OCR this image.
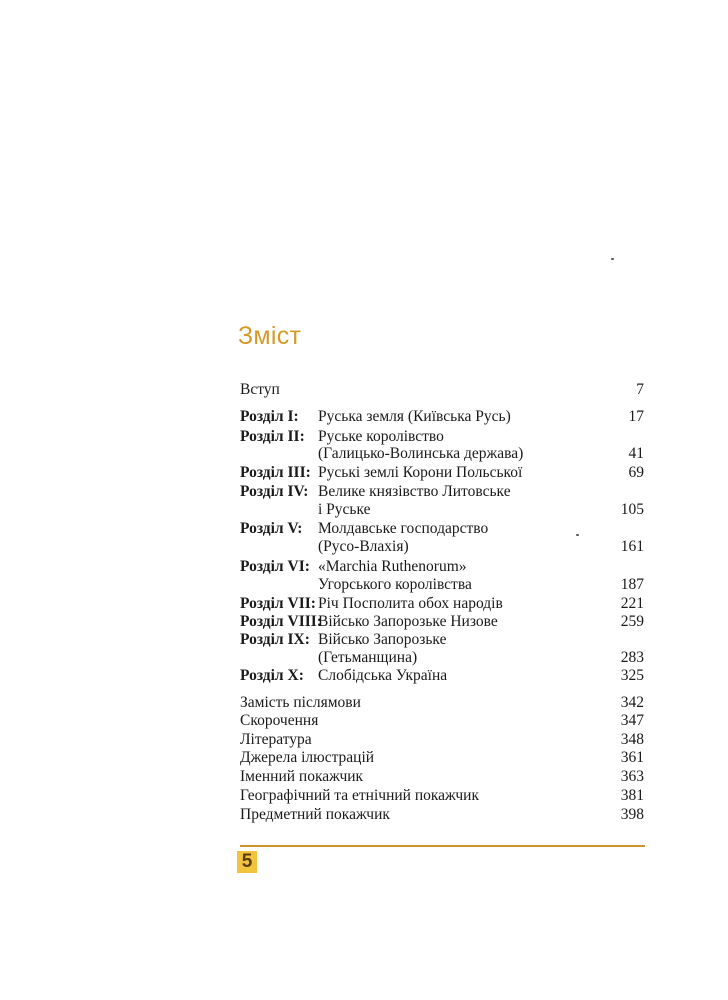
Зміст
Вступ	7
Розділ I: Руська земля (Київська Русь)	17
Розділ II: Руське королівство
(Галицько-Волинська держава)	41
Розділ III: Руські землі Корони Польської	69
Розділ IV: Велике князівство Литовське
і Руське	105
Розділ V: Молдавське господарство
(Русо-Влахія)	161
Розділ VI: «Marchia Ruthenorum»
Угорського королівства	187
Розділ VII: Річ Посполита обох народів	221
Розділ VIII:
Військо Запорозьке Низове	259
Розділ IX: Військо Запорозьке
(Гетьманщина)	283
Розділ X: Слобідська Україна	325
Замість післямови	342
Скорочення	347
Література	348
Джерела ілюстрацій	361
Іменний покажчик	363
Географічний та етнічний покажчик	381
Предметний покажчик	398
5
